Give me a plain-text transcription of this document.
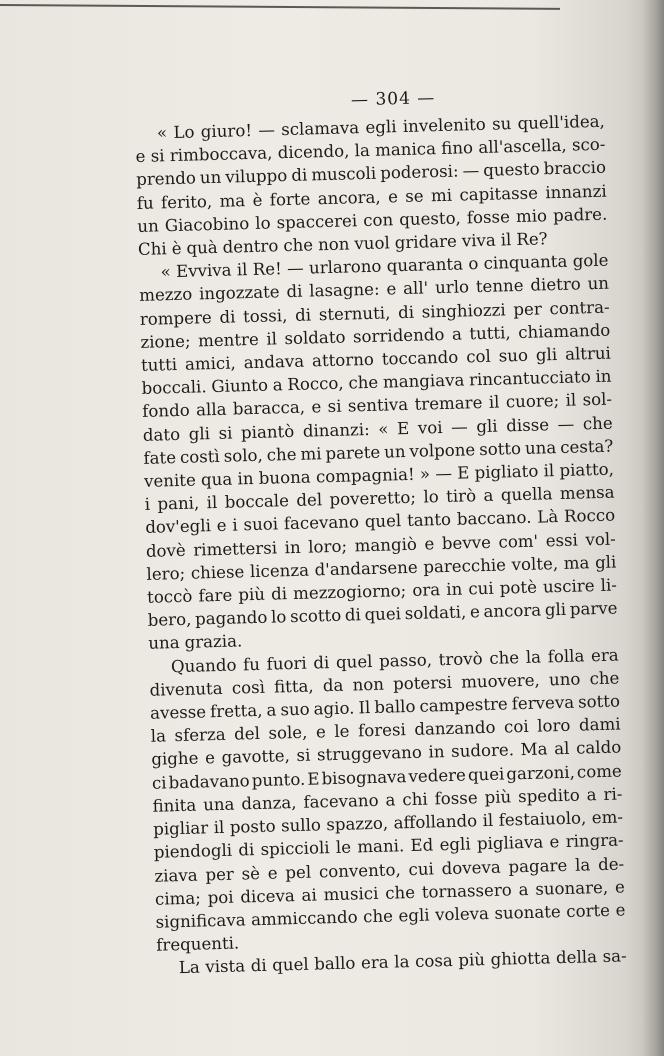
— 304 —
« Lo giuro! — sclamava egli invelenito su quell'idea,
e si rimboccava, dicendo, la manica fino all'ascella, sco-
prendo un viluppo di muscoli poderosi: — questo braccio
fu ferito, ma è forte ancora, e se mi capitasse innanzi
un Giacobino lo spaccerei con questo, fosse mio padre.
Chi è quà dentro che non vuol gridare viva il Re?
« Evviva il Re! — urlarono quaranta o cinquanta gole
mezzo ingozzate di lasagne: e all' urlo tenne dietro un
rompere di tossi, di sternuti, di singhiozzi per contra-
zione; mentre il soldato sorridendo a tutti, chiamando
tutti amici, andava attorno toccando col suo gli altrui
boccali. Giunto a Rocco, che mangiava rincantucciato in
fondo alla baracca, e si sentiva tremare il cuore; il sol-
dato gli si piantò dinanzi: « E voi — gli disse — che
fate costì solo, che mi parete un volpone sotto una cesta?
venite qua in buona compagnia! » — E pigliato il piatto,
i pani, il boccale del poveretto; lo tirò a quella mensa
dov'egli e i suoi facevano quel tanto baccano. Là Rocco
dovè rimettersi in loro; mangiò e bevve com' essi vol-
lero; chiese licenza d'andarsene parecchie volte, ma gli
toccò fare più di mezzogiorno; ora in cui potè uscire li-
bero, pagando lo scotto di quei soldati, e ancora gli parve
una grazia.
Quando fu fuori di quel passo, trovò che la folla era
divenuta così fitta, da non potersi muovere, uno che
avesse fretta, a suo agio. Il ballo campestre ferveva sotto
la sferza del sole, e le foresi danzando coi loro dami
gighe e gavotte, si struggevano in sudore. Ma al caldo
ci badavano punto. E bisognava vedere quei garzoni, come
finita una danza, facevano a chi fosse più spedito a ri-
pigliar il posto sullo spazzo, affollando il festaiuolo, em-
piendogli di spiccioli le mani. Ed egli pigliava e ringra-
ziava per sè e pel convento, cui doveva pagare la de-
cima; poi diceva ai musici che tornassero a suonare, e
significava ammiccando che egli voleva suonate corte e
frequenti.
La vista di quel ballo era la cosa più ghiotta della sa-
